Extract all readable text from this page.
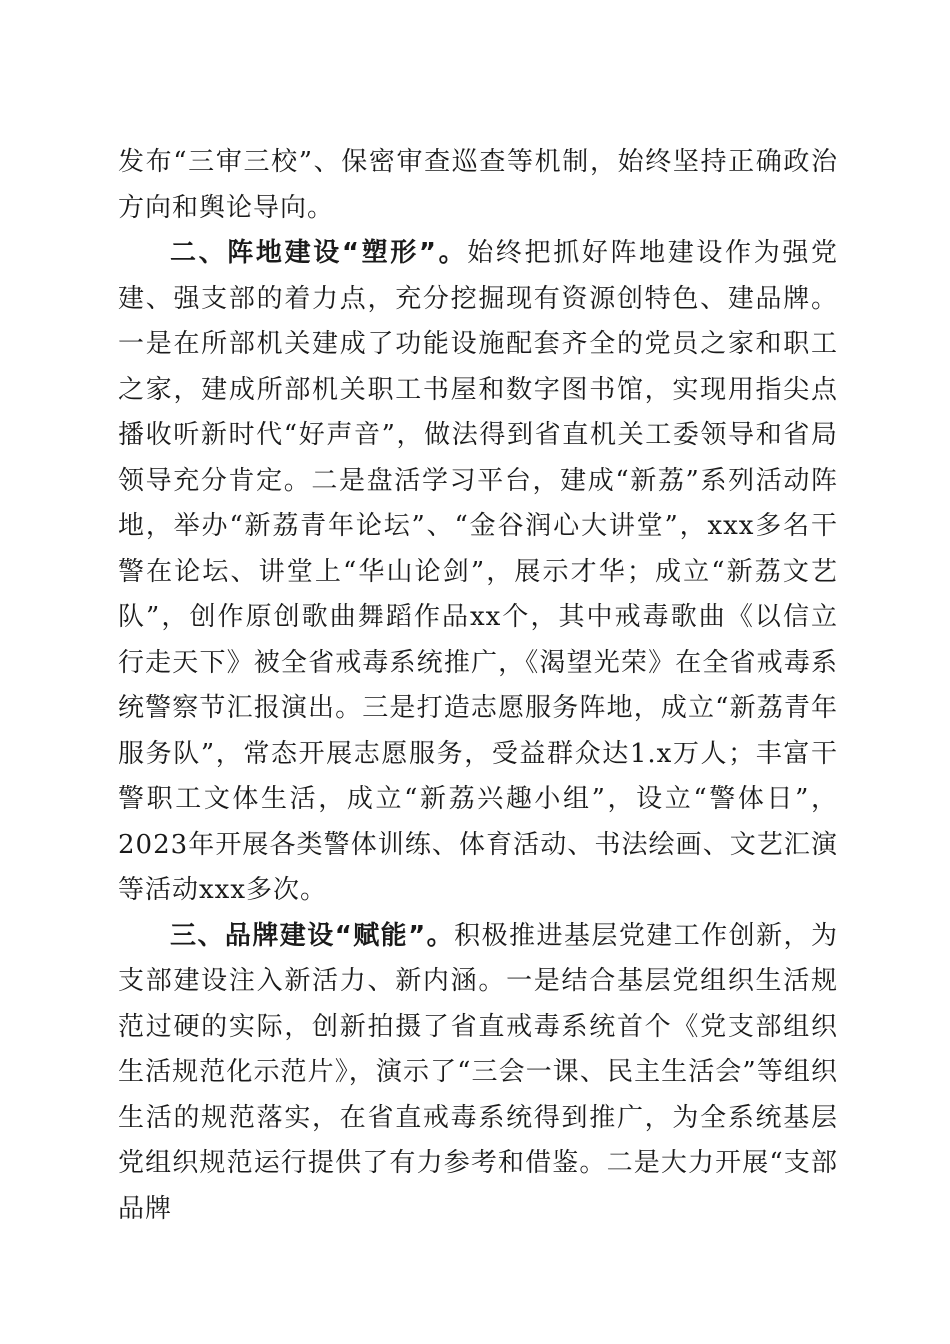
发布“三审三校”、保密审查巡查等机制，始终坚持正确政治方向和舆论导向。

二、阵地建设“塑形”。始终把抓好阵地建设作为强党建、强支部的着力点，充分挖掘现有资源创特色、建品牌。一是在所部机关建成了功能设施配套齐全的党员之家和职工之家，建成所部机关职工书屋和数字图书馆，实现用指尖点播收听新时代“好声音”，做法得到省直机关工委领导和省局领导充分肯定。二是盘活学习平台，建成“新荔”系列活动阵地，举办“新荔青年论坛”、“金谷润心大讲堂”，xxx多名干警在论坛、讲堂上“华山论剑”，展示才华；成立“新荔文艺队”，创作原创歌曲舞蹈作品xx个，其中戒毒歌曲《以信立行走天下》被全省戒毒系统推广，《渴望光荣》在全省戒毒系统警察节汇报演出。三是打造志愿服务阵地，成立“新荔青年服务队”，常态开展志愿服务，受益群众达1.x万人；丰富干警职工文体生活，成立“新荔兴趣小组”，设立“警体日”，2023年开展各类警体训练、体育活动、书法绘画、文艺汇演等活动xxx多次。

三、品牌建设“赋能”。积极推进基层党建工作创新，为支部建设注入新活力、新内涵。一是结合基层党组织生活规范过硬的实际，创新拍摄了省直戒毒系统首个《党支部组织生活规范化示范片》，演示了“三会一课、民主生活会”等组织生活的规范落实，在省直戒毒系统得到推广，为全系统基层党组织规范运行提供了有力参考和借鉴。二是大力开展“支部品牌
